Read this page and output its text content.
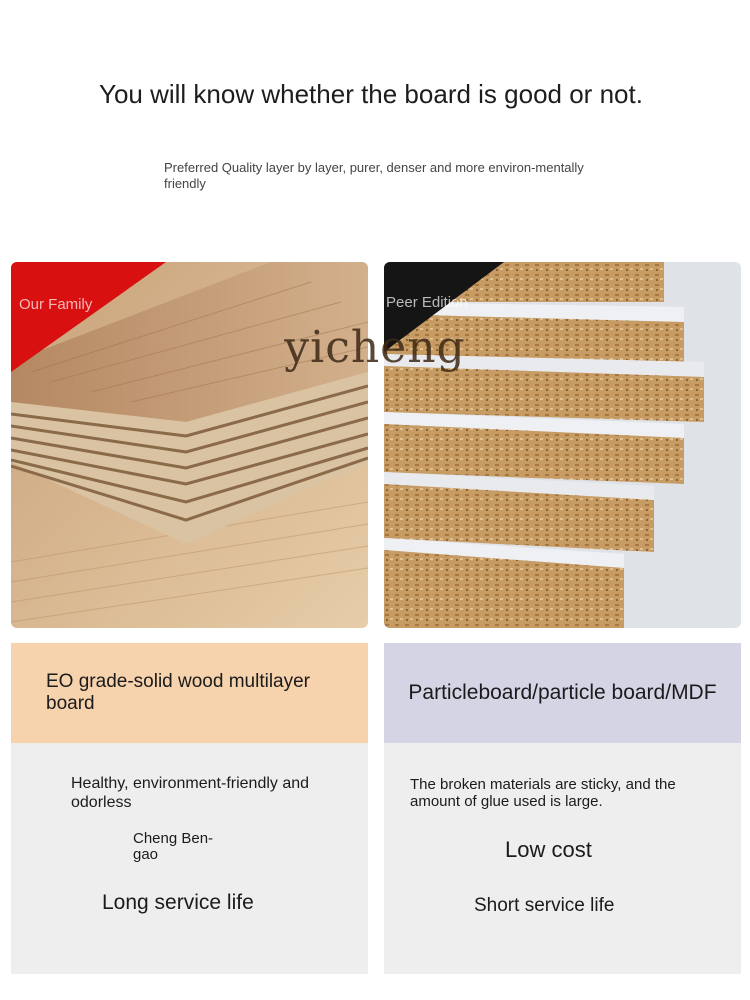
You will know whether the board is good or not.
Preferred Quality layer by layer, purer, denser and more environ-mentally friendly
Our Family	Peer Edition
yicheng
EO grade-solid wood multilayer board	Particleboard/particle board/MDF
Healthy, environment-friendly and odorless
Cheng Ben-gao
Long service life
The broken materials are sticky, and the amount of glue used is large.
Low cost
Short service life
